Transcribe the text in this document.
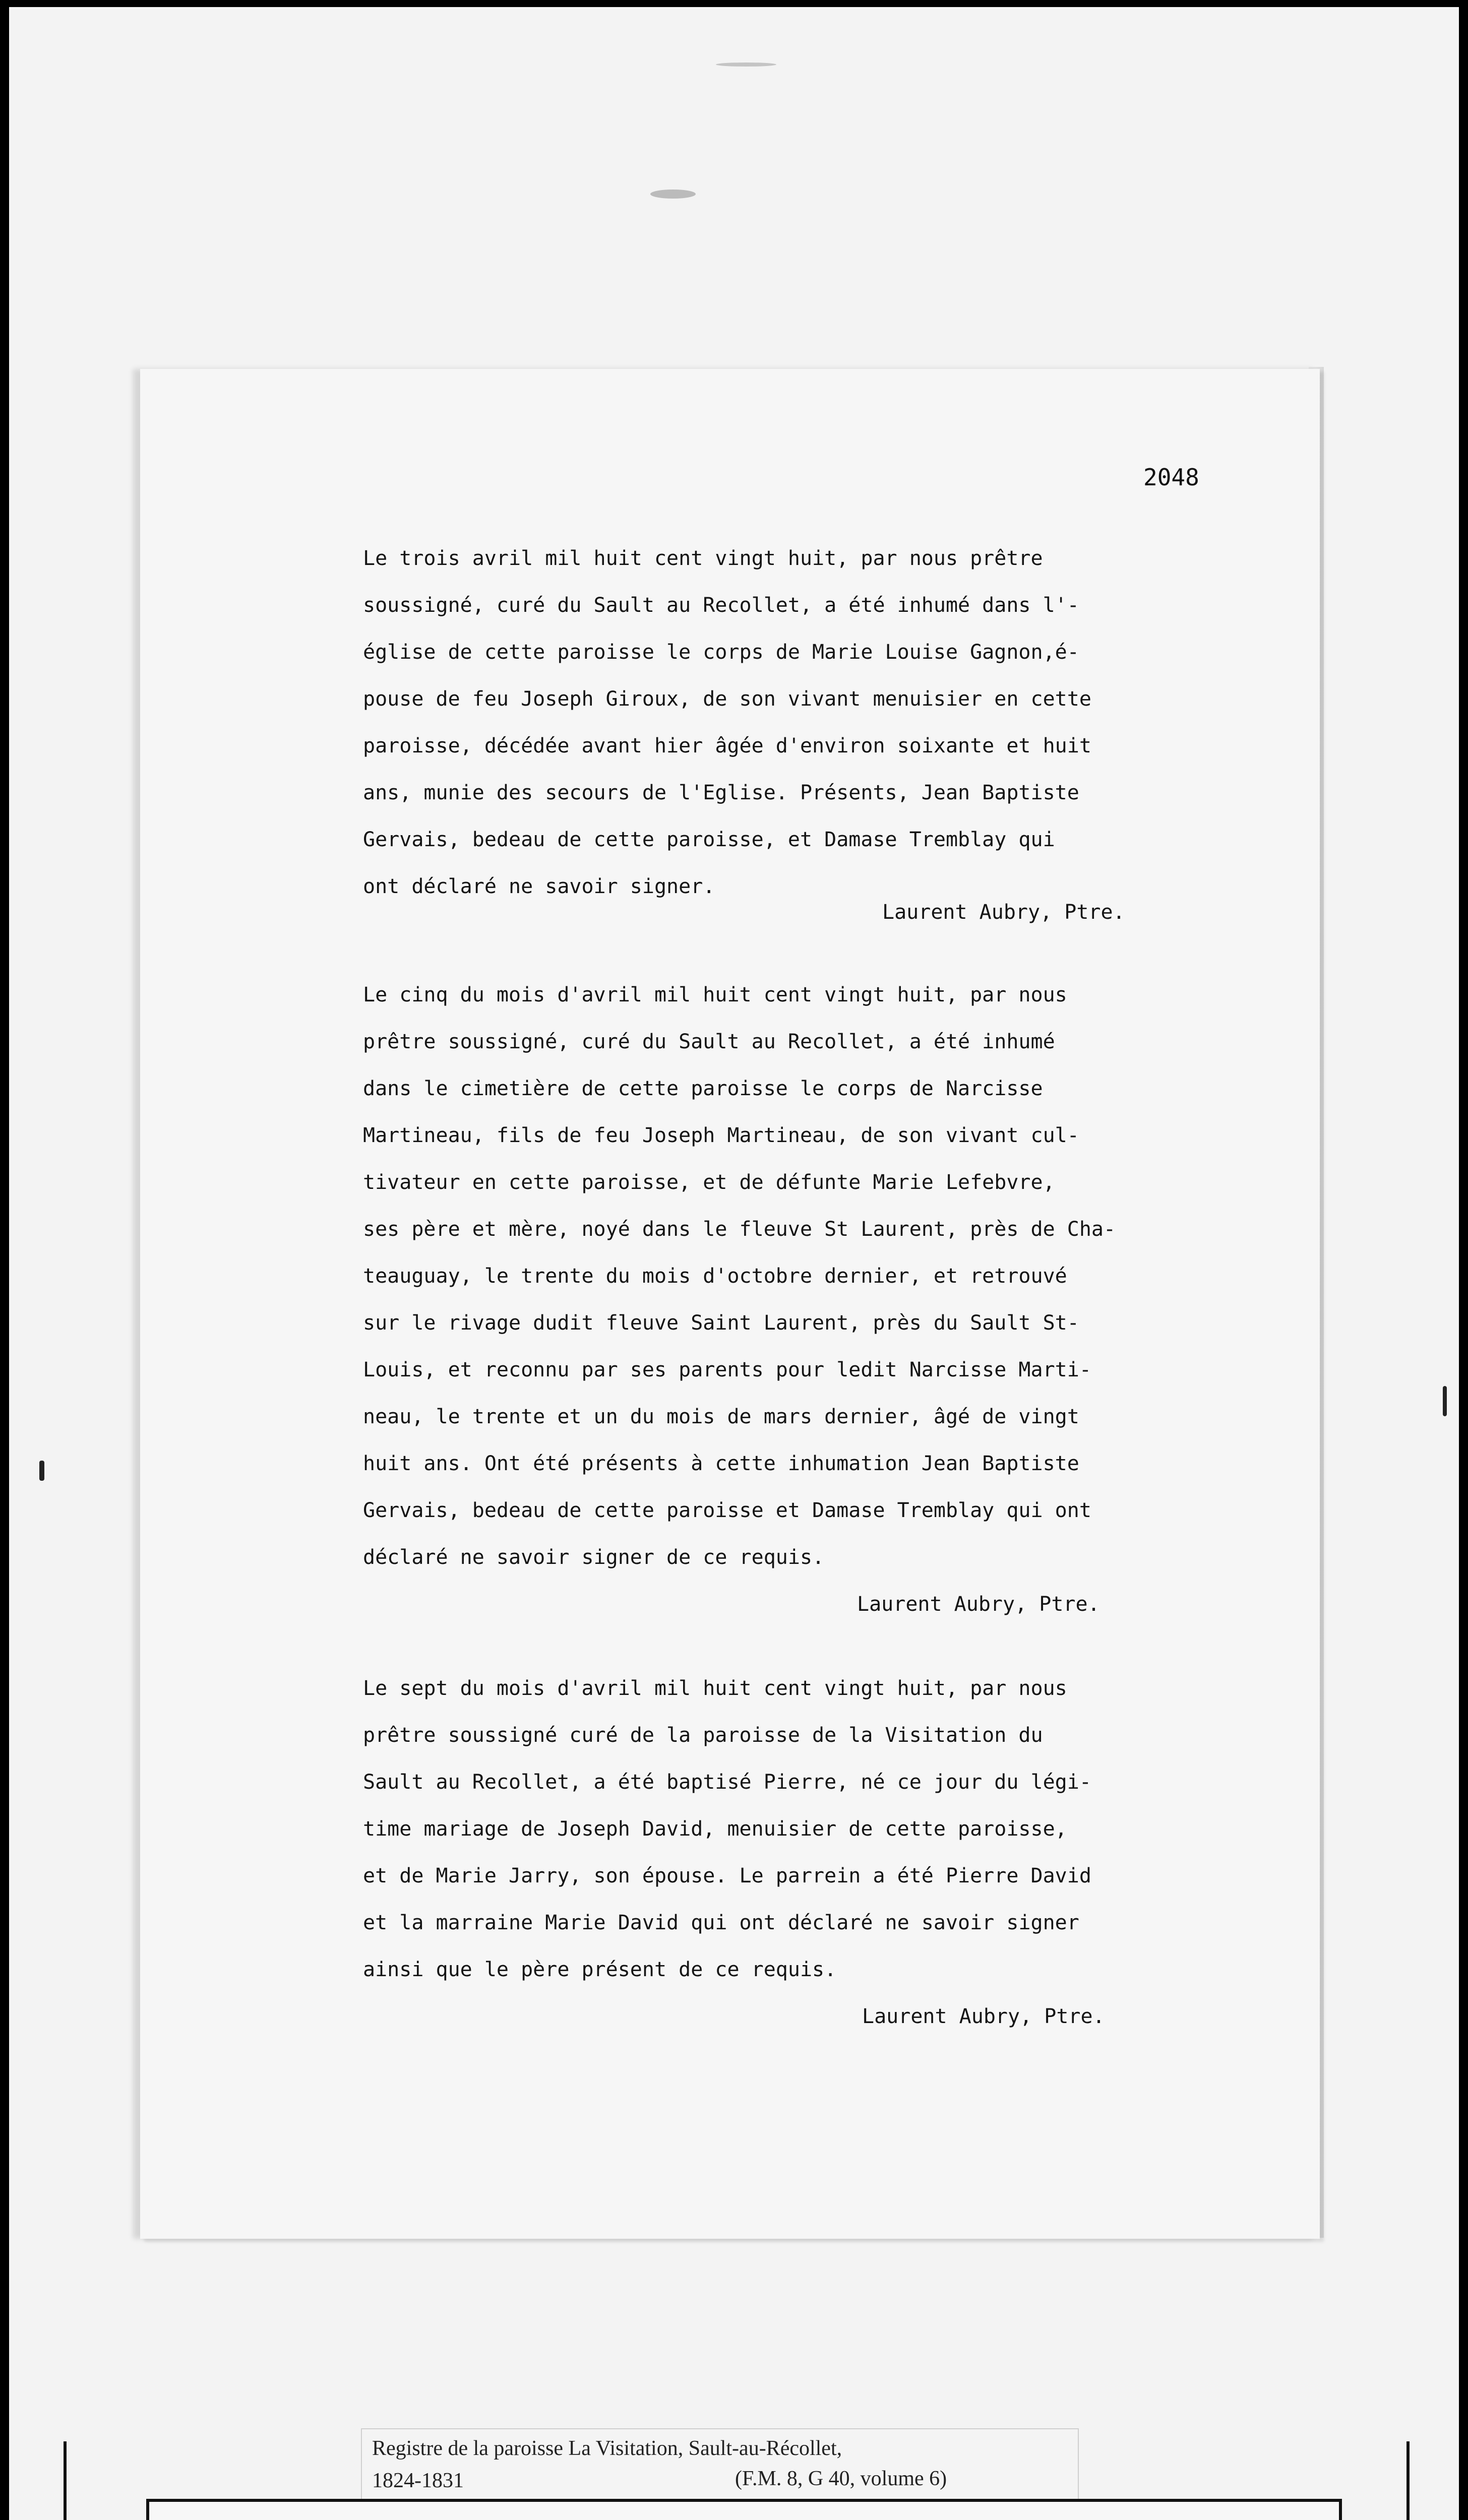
2048
Le trois avril mil huit cent vingt huit, par nous prêtre
soussigné, curé du Sault au Recollet, a été inhumé dans l'-
église de cette paroisse le corps de Marie Louise Gagnon,é-
pouse de feu Joseph Giroux, de son vivant menuisier en cette
paroisse, décédée avant hier âgée d'environ soixante et huit
ans, munie des secours de l'Eglise. Présents, Jean Baptiste
Gervais, bedeau de cette paroisse, et Damase Tremblay qui
ont déclaré ne savoir signer.
Laurent Aubry, Ptre.
Le cinq du mois d'avril mil huit cent vingt huit, par nous
prêtre soussigné, curé du Sault au Recollet, a été inhumé
dans le cimetière de cette paroisse le corps de Narcisse
Martineau, fils de feu Joseph Martineau, de son vivant cul-
tivateur en cette paroisse, et de défunte Marie Lefebvre,
ses père et mère, noyé dans le fleuve St Laurent, près de Cha-
teauguay, le trente du mois d'octobre dernier, et retrouvé
sur le rivage dudit fleuve Saint Laurent, près du Sault St-
Louis, et reconnu par ses parents pour ledit Narcisse Marti-
neau, le trente et un du mois de mars dernier, âgé de vingt
huit ans. Ont été présents à cette inhumation Jean Baptiste
Gervais, bedeau de cette paroisse et Damase Tremblay qui ont
déclaré ne savoir signer de ce requis.
Laurent Aubry, Ptre.
Le sept du mois d'avril mil huit cent vingt huit, par nous
prêtre soussigné curé de la paroisse de la Visitation du
Sault au Recollet, a été baptisé Pierre, né ce jour du légi-
time mariage de Joseph David, menuisier de cette paroisse,
et de Marie Jarry, son épouse. Le parrein a été Pierre David
et la marraine Marie David qui ont déclaré ne savoir signer
ainsi que le père présent de ce requis.
Laurent Aubry, Ptre.
Registre de la paroisse La Visitation, Sault-au-Récollet,
1824-1831	(F.M. 8, G 40, volume 6)
